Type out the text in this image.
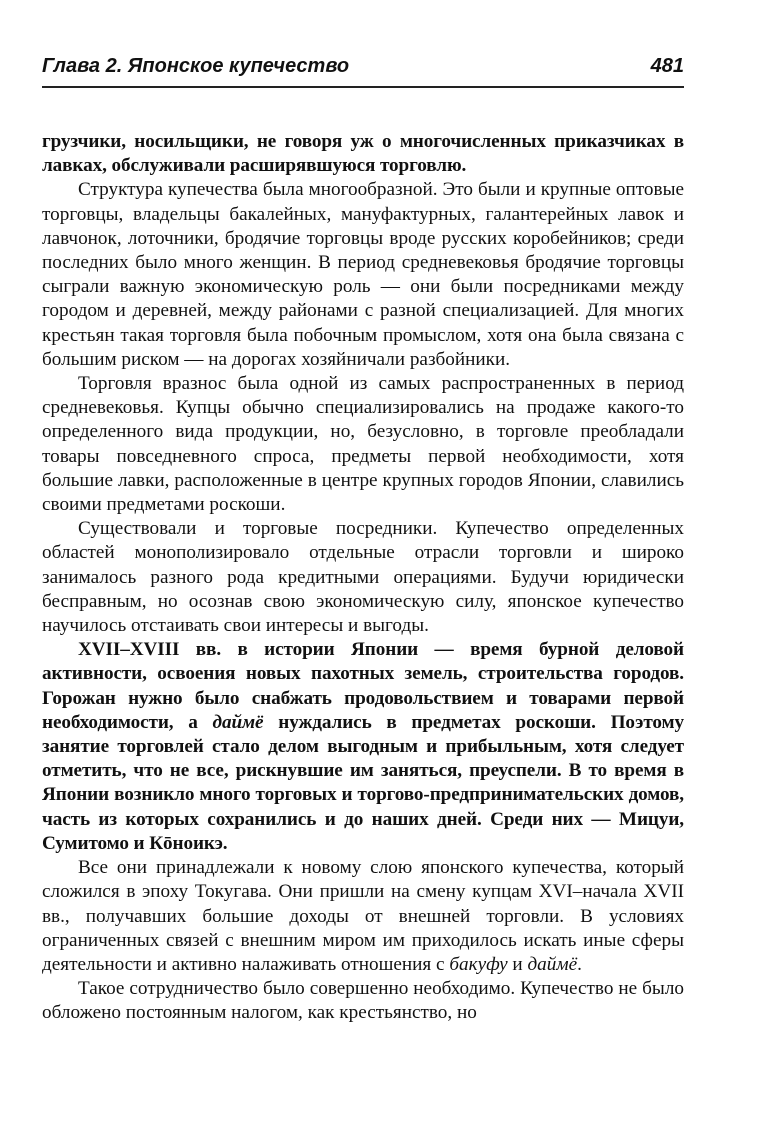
Глава 2. Японское купечество	481

грузчики, носильщики, не говоря уж о многочисленных приказчиках в лавках, обслуживали расширявшуюся торговлю.

Структура купечества была многообразной. Это были и крупные оптовые торговцы, владельцы бакалейных, мануфактурных, галантерейных лавок и лавчонок, лоточники, бродячие торговцы вроде русских коробейников; среди последних было много женщин. В период средневековья бродячие торговцы сыграли важную экономическую роль — они были посредниками между городом и деревней, между районами с разной специализацией. Для многих крестьян такая торговля была побочным промыслом, хотя она была связана с большим риском — на дорогах хозяйничали разбойники.

Торговля вразнос была одной из самых распространенных в период средневековья. Купцы обычно специализировались на продаже какого-то определенного вида продукции, но, безусловно, в торговле преобладали товары повседневного спроса, предметы первой необходимости, хотя большие лавки, расположенные в центре крупных городов Японии, славились своими предметами роскоши.

Существовали и торговые посредники. Купечество определенных областей монополизировало отдельные отрасли торговли и широко занималось разного рода кредитными операциями. Будучи юридически бесправным, но осознав свою экономическую силу, японское купечество научилось отстаивать свои интересы и выгоды.

XVII–XVIII вв. в истории Японии — время бурной деловой активности, освоения новых пахотных земель, строительства городов. Горожан нужно было снабжать продовольствием и товарами первой необходимости, а даймё нуждались в предметах роскоши. Поэтому занятие торговлей стало делом выгодным и прибыльным, хотя следует отметить, что не все, рискнувшие им заняться, преуспели. В то время в Японии возникло много торговых и торгово-предпринимательских домов, часть из которых сохранились и до наших дней. Среди них — Мицуи, Сумитомо и Кōноикэ.

Все они принадлежали к новому слою японского купечества, который сложился в эпоху Токугава. Они пришли на смену купцам XVI–начала XVII вв., получавших большие доходы от внешней торговли. В условиях ограниченных связей с внешним миром им приходилось искать иные сферы деятельности и активно налаживать отношения с бакуфу и даймё.

Такое сотрудничество было совершенно необходимо. Купечество не было обложено постоянным налогом, как крестьянство, но
